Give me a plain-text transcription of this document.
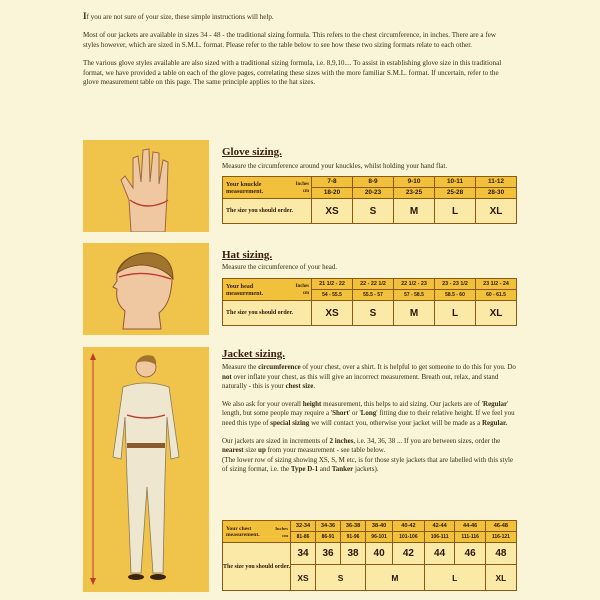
If you are not sure of your size, these simple instructions will help.

Most of our jackets are available in sizes 34 - 48 - the traditional sizing formula. This refers to the chest circumference, in inches. There are a few styles however, which are sized in S.M.L. format. Please refer to the table below to see how these two sizing formats relate to each other.

The various glove styles available are also sized with a traditional sizing formula, i.e. 8,9,10.... To assist in establishing glove size in this traditional format, we have provided a table on each of the glove pages, correlating these sizes with the more familiar S.M.L. format. If uncertain, refer to the glove measurement table on this page. The same principle applies to the hat sizes.

Glove sizing.
Measure the circumference around your knuckles, whilst holding your hand flat.
Your knuckle measurement.
Inches
cm	7-8	8-9	9-10	10-11	11-12
	18-20	20-23	23-25	25-28	28-30
The size you should order.	XS	S	M	L	XL
Hat sizing.
Measure the circumference of your head.
Your head measurement.
Inches
cm	21 1/2 - 22	22 - 22 1/2	22 1/2 - 23	23 - 23 1/2	23 1/2 - 24
	54 - 55.5	55.5 - 57	57 - 58.5	58.5 - 60	60 - 61.5
The size you should order.	XS	S	M	L	XL
Jacket sizing.

Measure the circumference of your chest, over a shirt. It is helpful to get someone to do this for you. Do not over inflate your chest, as this will give an incorrect measurement. Breath out, relax, and stand naturally - this is your chest size.

We also ask for your overall height measurement, this helps to aid sizing. Our jackets are of 'Regular' length, but some people may require a 'Short' or 'Long' fitting due to their relative height. If we feel you need this type of special sizing we will contact you, otherwise your jacket will be made as a Regular.

Our jackets are sized in increments of 2 inches, i.e. 34, 36, 38 ... If you are between sizes, order the nearest size up from your measurement - see table below.
(The lower row of sizing showing XS, S, M etc, is for those style jackets that are labelled with this style of sizing format, i.e. the Type D-1 and Tanker jackets).

Your chest measurement.
Inches
cm	32-34	34-36	36-38	38-40	40-42	42-44	44-46	46-48
	81-86	86-91	91-96	96-101	101-106	106-111	111-116	116-121
The size you should order.	34	36	38	40	42	44	46	48
	XS	S		M		L		XL
